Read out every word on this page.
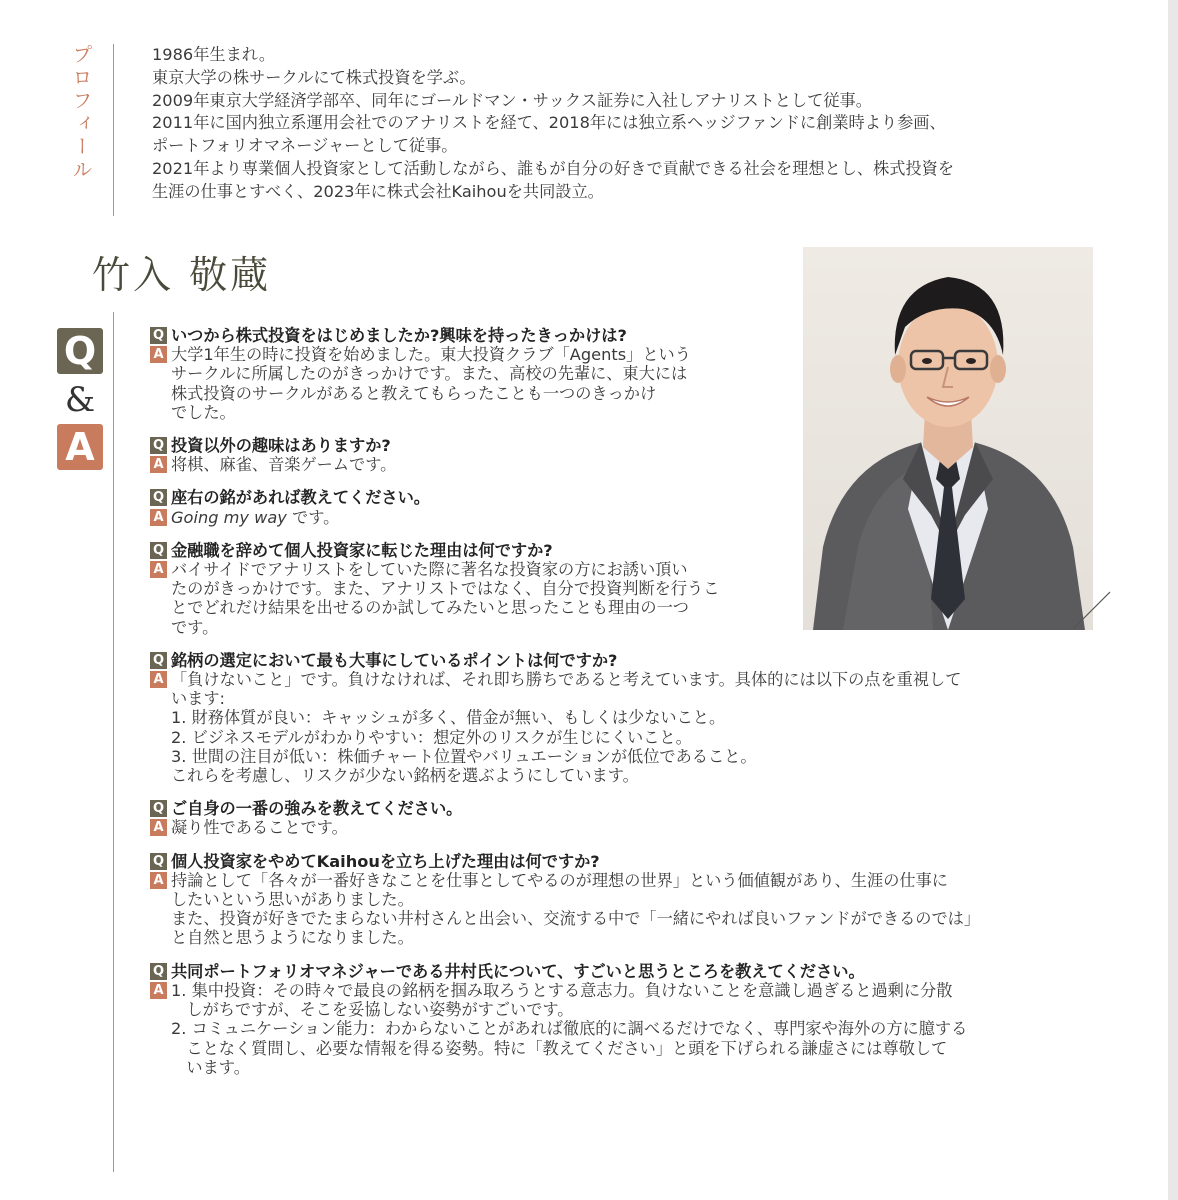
プロフィール	1986年生まれ。
東京大学の株サークルにて株式投資を学ぶ。
2009年東京大学経済学部卒、同年にゴールドマン・サックス証券に入社しアナリストとして従事。
2011年に国内独立系運用会社でのアナリストを経て、2018年には独立系ヘッジファンドに創業時より参画、
ポートフォリオマネージャーとして従事。
2021年より専業個人投資家として活動しながら、誰もが自分の好きで貢献できる社会を理想とし、株式投資を
生涯の仕事とすべく、2023年に株式会社Kaihouを共同設立。
竹入 敬蔵
Q
&
A
Q いつから株式投資をはじめましたか?興味を持ったきっかけは?
A 大学1年生の時に投資を始めました。東大投資クラブ「Agents」という
サークルに所属したのがきっかけです。また、高校の先輩に、東大には
株式投資のサークルがあると教えてもらったことも一つのきっかけ
でした。
Q 投資以外の趣味はありますか?
A 将棋、麻雀、音楽ゲームです。
Q 座右の銘があれば教えてください。
A Going my way です。
Q 金融職を辞めて個人投資家に転じた理由は何ですか?
A バイサイドでアナリストをしていた際に著名な投資家の方にお誘い頂い
たのがきっかけです。また、アナリストではなく、自分で投資判断を行うこ
とでどれだけ結果を出せるのか試してみたいと思ったことも理由の一つ
です。
Q 銘柄の選定において最も大事にしているポイントは何ですか?
A 「負けないこと」です。負けなければ、それ即ち勝ちであると考えています。具体的には以下の点を重視して
います:
1. 財務体質が良い：キャッシュが多く、借金が無い、もしくは少ないこと。
2. ビジネスモデルがわかりやすい：想定外のリスクが生じにくいこと。
3. 世間の注目が低い：株価チャート位置やバリュエーションが低位であること。
これらを考慮し、リスクが少ない銘柄を選ぶようにしています。
Q ご自身の一番の強みを教えてください。
A 凝り性であることです。
Q 個人投資家をやめてKaihouを立ち上げた理由は何ですか?
A 持論として「各々が一番好きなことを仕事としてやるのが理想の世界」という価値観があり、生涯の仕事に
したいという思いがありました。
また、投資が好きでたまらない井村さんと出会い、交流する中で「一緒にやれば良いファンドができるのでは」
と自然と思うようになりました。
Q 共同ポートフォリオマネジャーである井村氏について、すごいと思うところを教えてください。
A 1. 集中投資：その時々で最良の銘柄を掴み取ろうとする意志力。負けないことを意識し過ぎると過剰に分散
しがちですが、そこを妥協しない姿勢がすごいです。
2. コミュニケーション能力：わからないことがあれば徹底的に調べるだけでなく、専門家や海外の方に臆する
ことなく質問し、必要な情報を得る姿勢。特に「教えてください」と頭を下げられる謙虚さには尊敬して
います。
